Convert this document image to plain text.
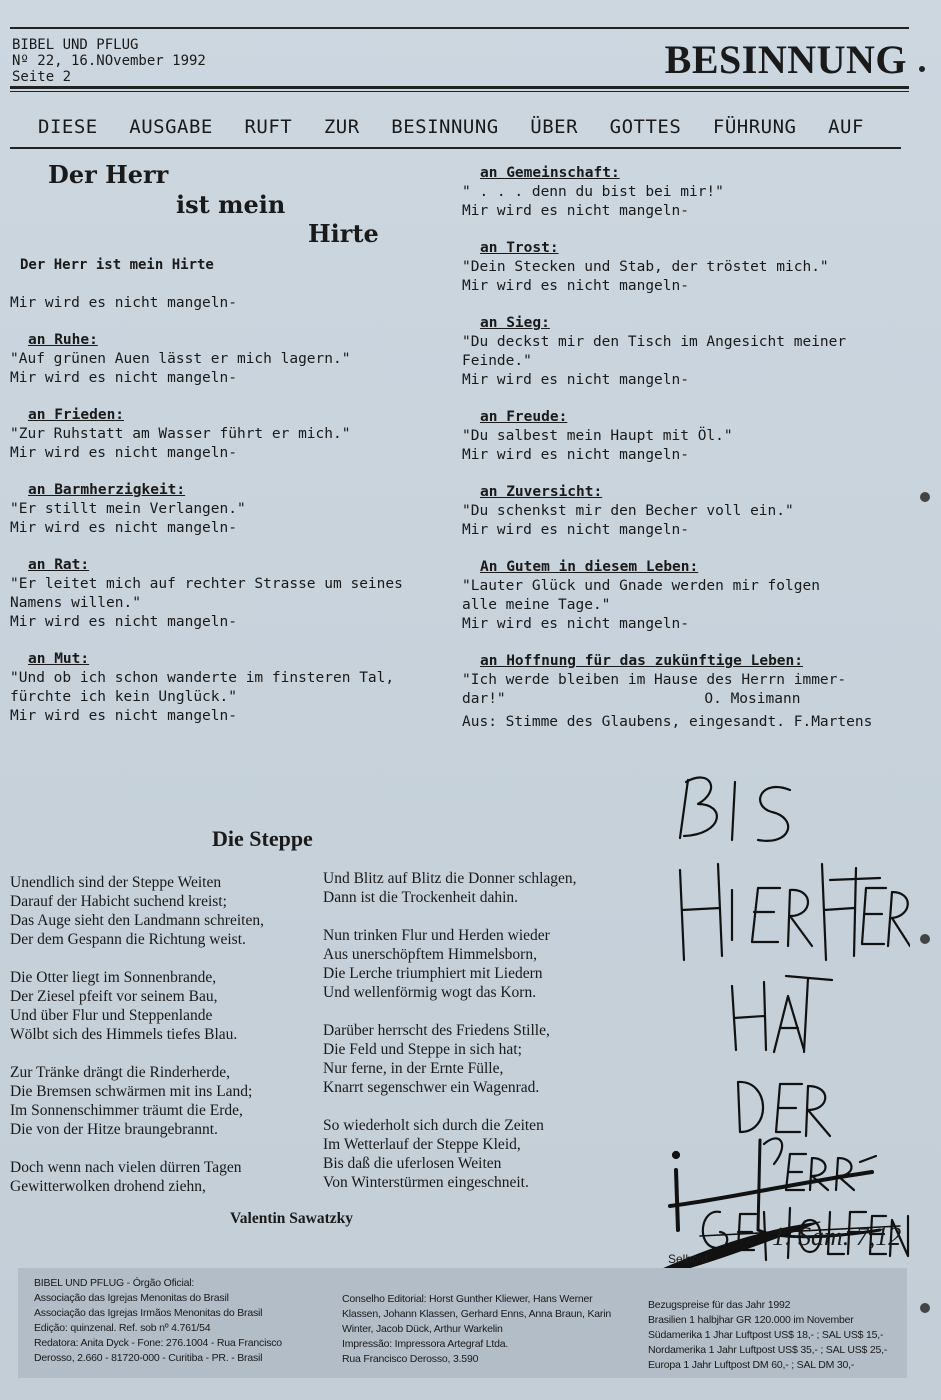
BIBEL UND PFLUG
Nº 22, 16.NOvember 1992
Seite 2	BESINNUNG
DIESE AUSGABE RUFT ZUR BESINNUNG ÜBER GOTTES FÜHRUNG AUF
Der Herr
ist mein
Hirte
Der Herr ist mein Hirte
Mir wird es nicht mangeln-
an Ruhe:
"Auf grünen Auen lässt er mich lagern."
Mir wird es nicht mangeln-
an Frieden:
"Zur Ruhstatt am Wasser führt er mich."
Mir wird es nicht mangeln-
an Barmherzigkeit:
"Er stillt mein Verlangen."
Mir wird es nicht mangeln-
an Rat:
"Er leitet mich auf rechter Strasse um seines
Namens willen."
Mir wird es nicht mangeln-
an Mut:
"Und ob ich schon wanderte im finsteren Tal,
fürchte ich kein Unglück."
Mir wird es nicht mangeln-
an Gemeinschaft:
" . . . denn du bist bei mir!"
Mir wird es nicht mangeln-
an Trost:
"Dein Stecken und Stab, der tröstet mich."
Mir wird es nicht mangeln-
an Sieg:
"Du deckst mir den Tisch im Angesicht meiner
Feinde."
Mir wird es nicht mangeln-
an Freude:
"Du salbest mein Haupt mit Öl."
Mir wird es nicht mangeln-
an Zuversicht:
"Du schenkst mir den Becher voll ein."
Mir wird es nicht mangeln-
An Gutem in diesem Leben:
"Lauter Glück und Gnade werden mir folgen
alle meine Tage."
Mir wird es nicht mangeln-
an Hoffnung für das zukünftige Leben:
"Ich werde bleiben im Hause des Herrn immer-
dar!"	O. Mosimann
Aus: Stimme des Glaubens, eingesandt. F.Martens
Die Steppe
Unendlich sind der Steppe Weiten
Darauf der Habicht suchend kreist;
Das Auge sieht den Landmann schreiten,
Der dem Gespann die Richtung weist.
Die Otter liegt im Sonnenbrande,
Der Ziesel pfeift vor seinem Bau,
Und über Flur und Steppenlande
Wölbt sich des Himmels tiefes Blau.
Zur Tränke drängt die Rinderherde,
Die Bremsen schwärmen mit ins Land;
Im Sonnenschimmer träumt die Erde,
Die von der Hitze braungebrannt.
Doch wenn nach vielen dürren Tagen
Gewitterwolken drohend ziehn,
Und Blitz auf Blitz die Donner schlagen,
Dann ist die Trockenheit dahin.
Nun trinken Flur und Herden wieder
Aus unerschöpftem Himmelsborn,
Die Lerche triumphiert mit Liedern
Und wellenförmig wogt das Korn.
Darüber herrscht des Friedens Stille,
Die Feld und Steppe in sich hat;
Nur ferne, in der Ernte Fülle,
Knarrt segenschwer ein Wagenrad.
So wiederholt sich durch die Zeiten
Im Wetterlauf der Steppe Kleid,
Bis daß die uferlosen Weiten
Von Winterstürmen eingeschneit.
Valentin Sawatzky
1. Sam. 7,12
Selbold
BIBEL UND PFLUG - Órgão Oficial:
Associação das Igrejas Menonitas do Brasil
Associação das Igrejas Irmãos Menonitas do Brasil
Edição: quinzenal. Ref. sob nº 4.761/54
Redatora: Anita Dyck - Fone: 276.1004 - Rua Francisco
Derosso, 2.660 - 81720-000 - Curitiba - PR. - Brasil
Conselho Editorial: Horst Gunther Kliewer, Hans Werner
Klassen, Johann Klassen, Gerhard Enns, Anna Braun, Karin
Winter, Jacob Dück, Arthur Warkelin
Impressão: Impressora Artegraf Ltda.
Rua Francisco Derosso, 3.590
Bezugspreise für das Jahr 1992
Brasilien 1 halbjhar GR 120.000 im November
Südamerika 1 Jhar Luftpost US$ 18,- ; SAL US$ 15,-
Nordamerika 1 Jahr Luftpost US$ 35,- ; SAL US$ 25,-
Europa 1 Jahr Luftpost DM 60,- ; SAL DM 30,-
